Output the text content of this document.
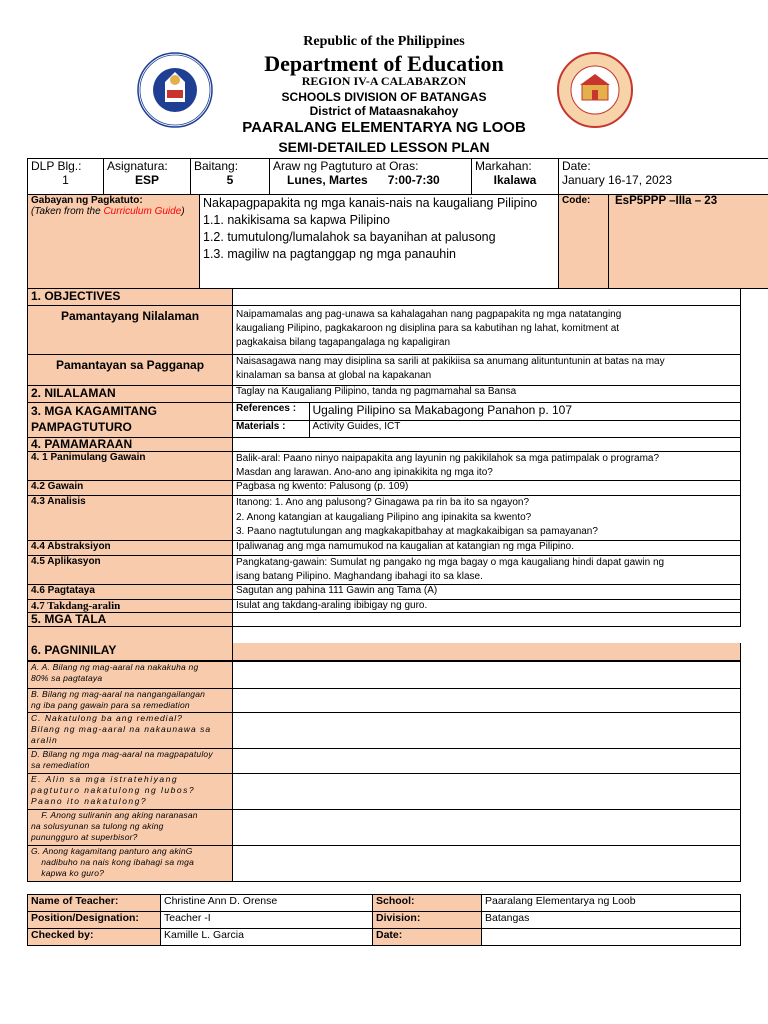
Republic of the Philippines
Department of Education
REGION IV-A CALABARZON
SCHOOLS DIVISION OF BATANGAS
District of Mataasnakahoy
PAARALANG ELEMENTARYA NG LOOB
SEMI-DETAILED LESSON PLAN
DLP Blg.:
1

Asignatura:
ESP

Baitang:
5

Araw ng Pagtuturo at Oras:
Lunes, Martes 7:00-7:30

Markahan:
Ikalawa

Date:
January 16-17, 2023
Gabayan ng Pagkatuto:
(Taken from the Curriculum Guide)

Nakapagpapakita ng mga kanais-nais na kaugaliang Pilipino
1.1. nakikisama sa kapwa Pilipino
1.2. tumutulong/lumalahok sa bayanihan at palusong
1.3. magiliw na pagtanggap ng mga panauhin
	Code:	EsP5PPP –IIIa – 23
1. OBJECTIVES	
Pamantayang Nilalaman	Naipamamalas ang pag-unawa sa kahalagahan nang pagpapakita ng mga natatanging
kaugaliang Pilipino, pagkakaroon ng disiplina para sa kabutihan ng lahat, komitment at
pagkakaisa bilang tagapangalaga ng kapaligiran

Pamantayan sa Pagganap	Naisasagawa nang may disiplina sa sarili at pakikiisa sa anumang alituntuntunin at batas na may
kinalaman sa bansa at global na kapakanan

2. NILALAMAN	Taglay na Kaugaliang Pilipino, tanda ng pagmamahal sa Bansa

3. MGA KAGAMITANG
PAMPAGTUTURO

References :	Ugaling Pilipino sa Makabagong Panahon p. 107
Materials :	Activity Guides, ICT

4. PAMAMARAAN	
4. 1 Panimulang Gawain	Balik-aral: Paano ninyo naipapakita ang layunin ng pakikilahok sa mga patimpalak o programa?
Masdan ang larawan. Ano-ano ang ipinakikita ng mga ito?

4.2 Gawain	Pagbasa ng kwento: Palusong (p. 109)
4.3 Analisis	Itanong: 1. Ano ang palusong? Ginagawa pa rin ba ito sa ngayon?
2. Anong katangian at kaugaliang Pilipino ang ipinakita sa kwento?
3. Paano nagtutulungan ang magkakapitbahay at magkakaibigan sa pamayanan?

4.4 Abstraksiyon	Ipaliwanag ang mga namumukod na kaugalian at katangian ng mga Pilipino.
4.5 Aplikasyon	Pangkatang-gawain: Sumulat ng pangako ng mga bagay o mga kaugaliang hindi dapat gawin ng
isang batang Pilipino. Maghandang ibahagi ito sa klase.

4.6 Pagtataya	Sagutan ang pahina 111 Gawin ang Tama (A)
4.7 Takdang-aralin	Isulat ang takdang-araling ibibigay ng guro.
5. MGA TALA	

6. PAGNINILAY	
A. A. Bilang ng mag-aaral na nakakuha ng
80% sa pagtataya	

B. Bilang ng mag-aaral na nangangailangan
ng iba pang gawain para sa remediation	

C. Nakatulong ba ang remedial?
Bilang ng mag-aaral na nakaunawa sa
aralin	

D. Bilang ng mga mag-aaral na magpapatuloy
sa remediation	

E. Alin sa mga istratehiyang
pagtuturo nakatulong ng lubos?
Paano ito nakatulong?	

F. Anong suliranin ang aking naranasan
na solusyunan sa tulong ng aking
punungguro at superbisor?	

G. Anong kagamitang panturo ang akinG
nadibuho na nais kong ibahagi sa mga
kapwa ko guro?	

Name of Teacher:	Christine Ann D. Orense	School:	Paaralang Elementarya ng Loob
Position/Designation:	Teacher -I	Division:	Batangas
Checked by:	Kamille L. Garcia	Date:	
